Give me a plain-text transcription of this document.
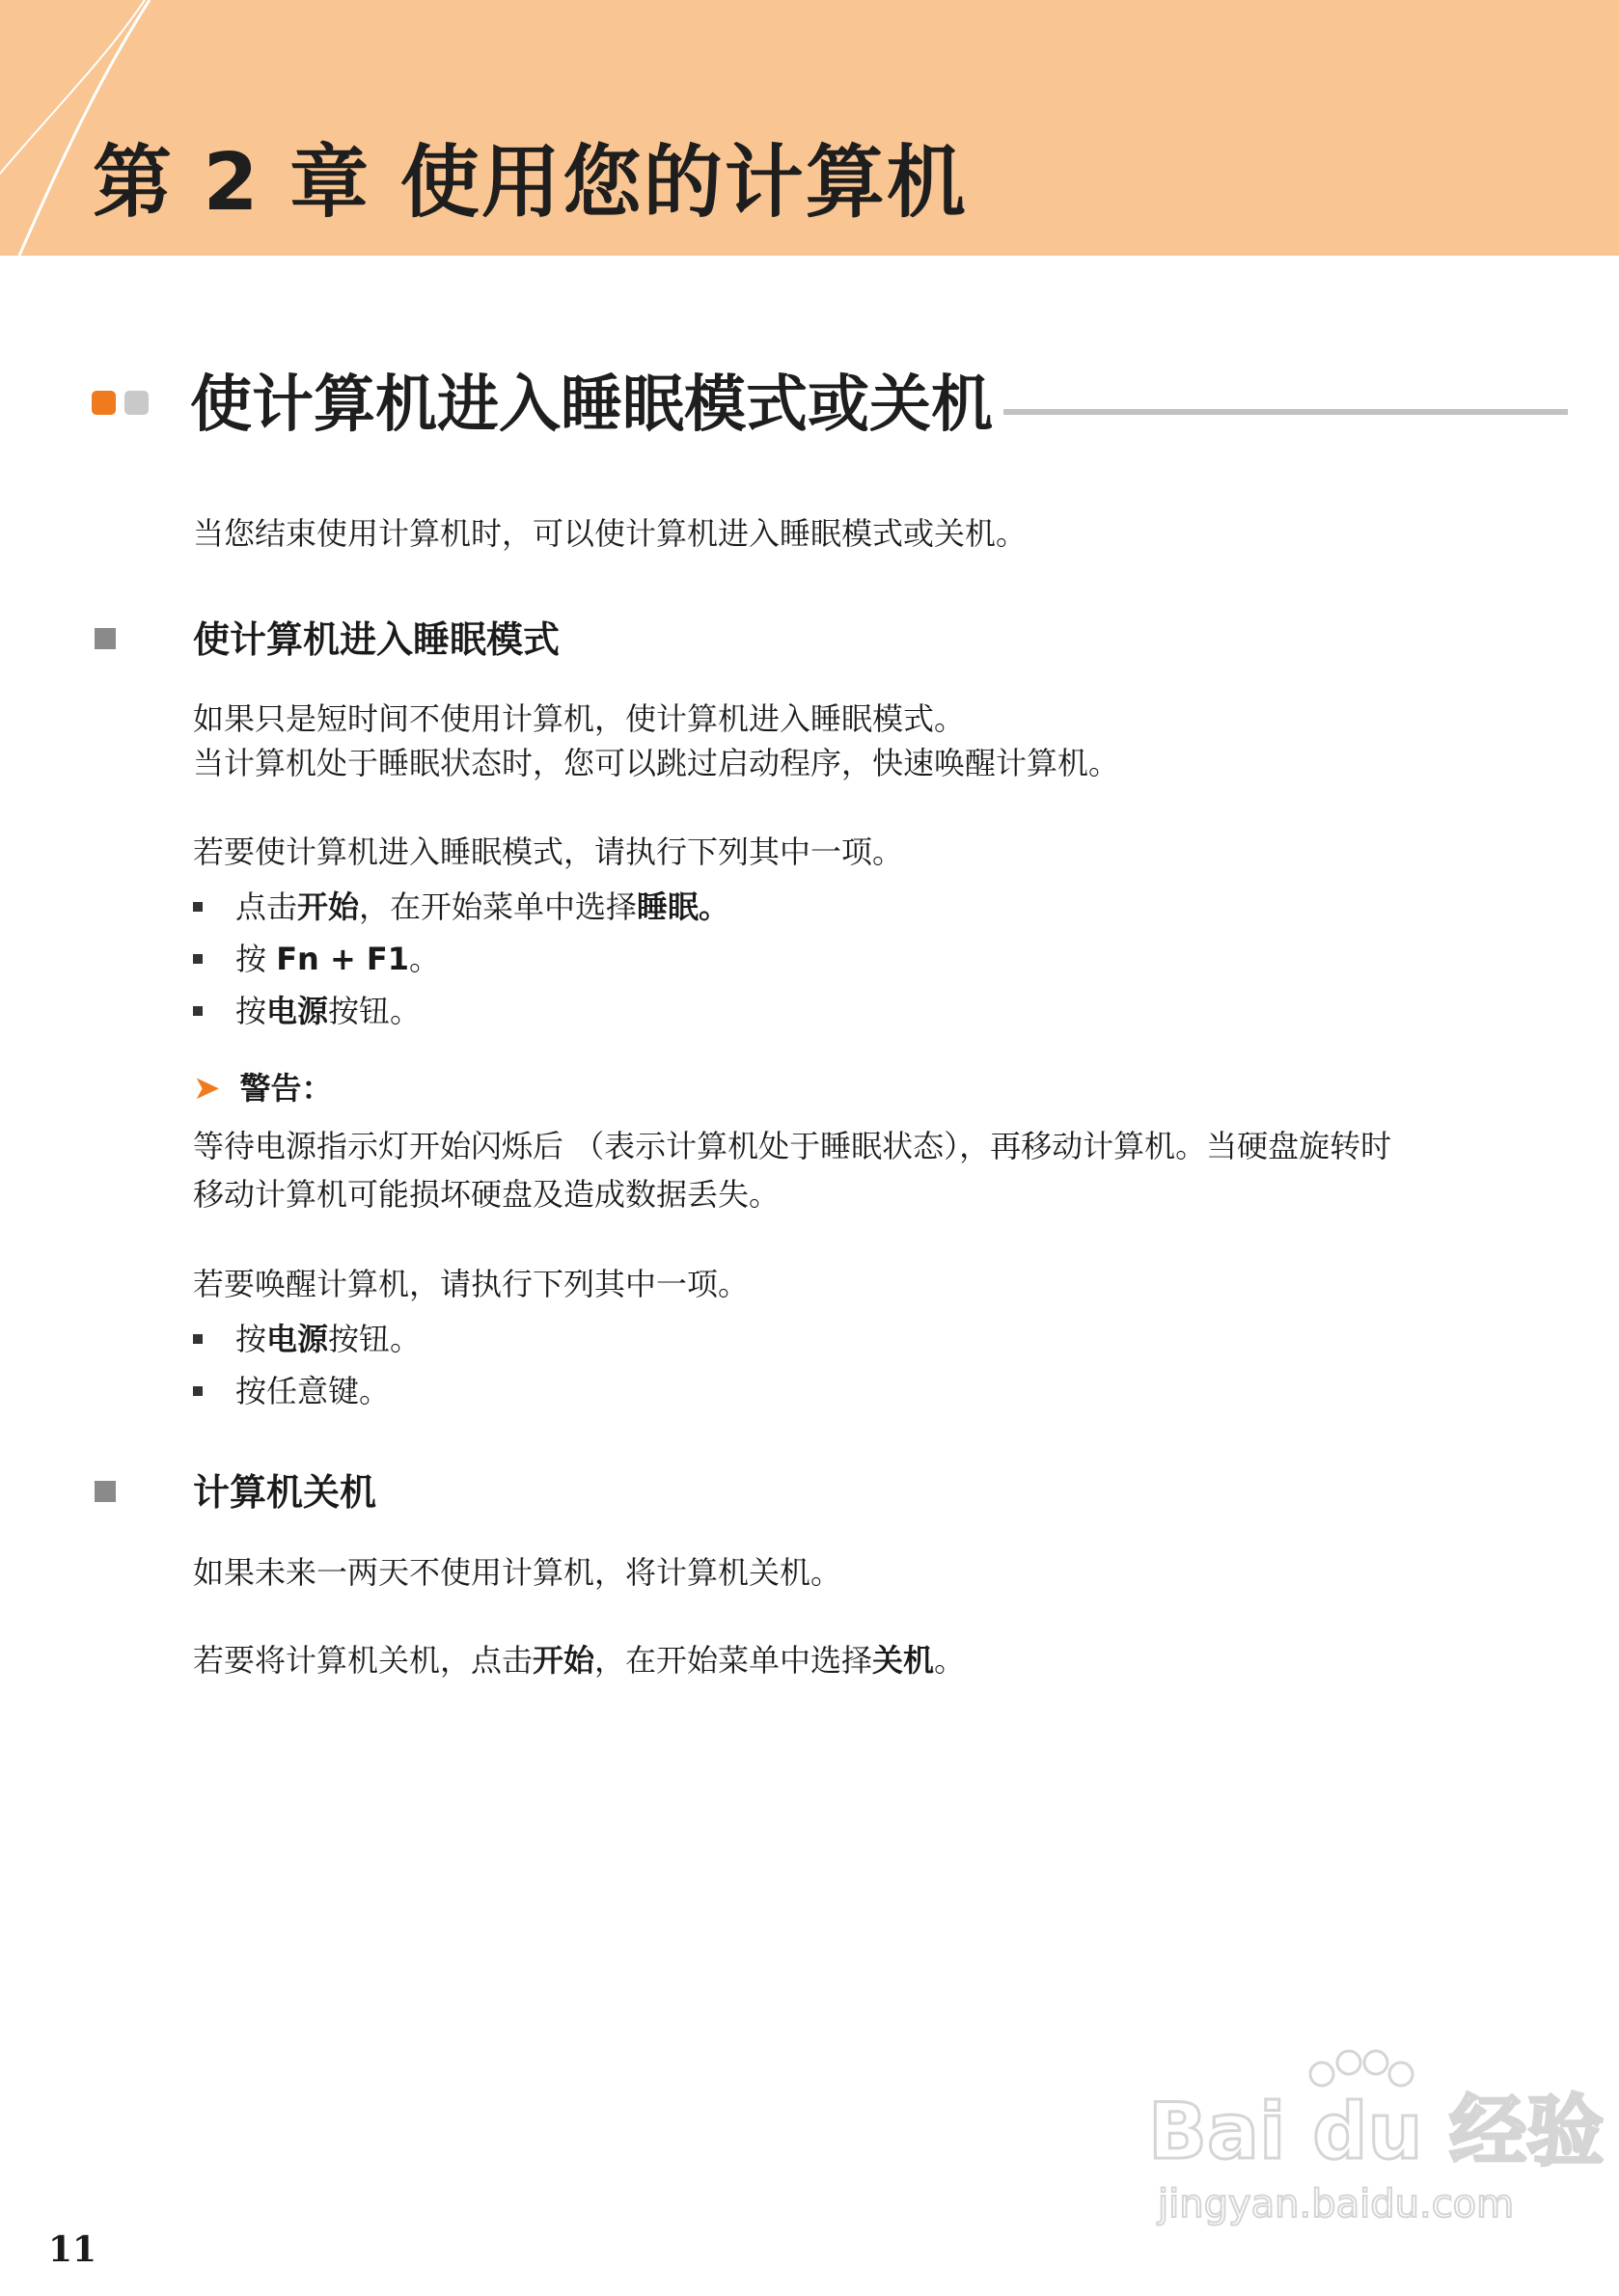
第 2 章 使用您的计算机
使计算机进入睡眠模式或关机
当您结束使用计算机时，可以使计算机进入睡眠模式或关机。
使计算机进入睡眠模式
如果只是短时间不使用计算机，使计算机进入睡眠模式。
当计算机处于睡眠状态时，您可以跳过启动程序，快速唤醒计算机。
若要使计算机进入睡眠模式，请执行下列其中一项。
点击开始，在开始菜单中选择睡眠。
按 Fn + F1。
按电源按钮。
➤ 警告：
等待电源指示灯开始闪烁后 （表示计算机处于睡眠状态），再移动计算机。当硬盘旋转时
移动计算机可能损坏硬盘及造成数据丢失。
若要唤醒计算机，请执行下列其中一项。
按电源按钮。
按任意键。
计算机关机
如果未来一两天不使用计算机，将计算机关机。
若要将计算机关机，点击开始，在开始菜单中选择关机。
Bai du 经验
jingyan.baidu.com
11
